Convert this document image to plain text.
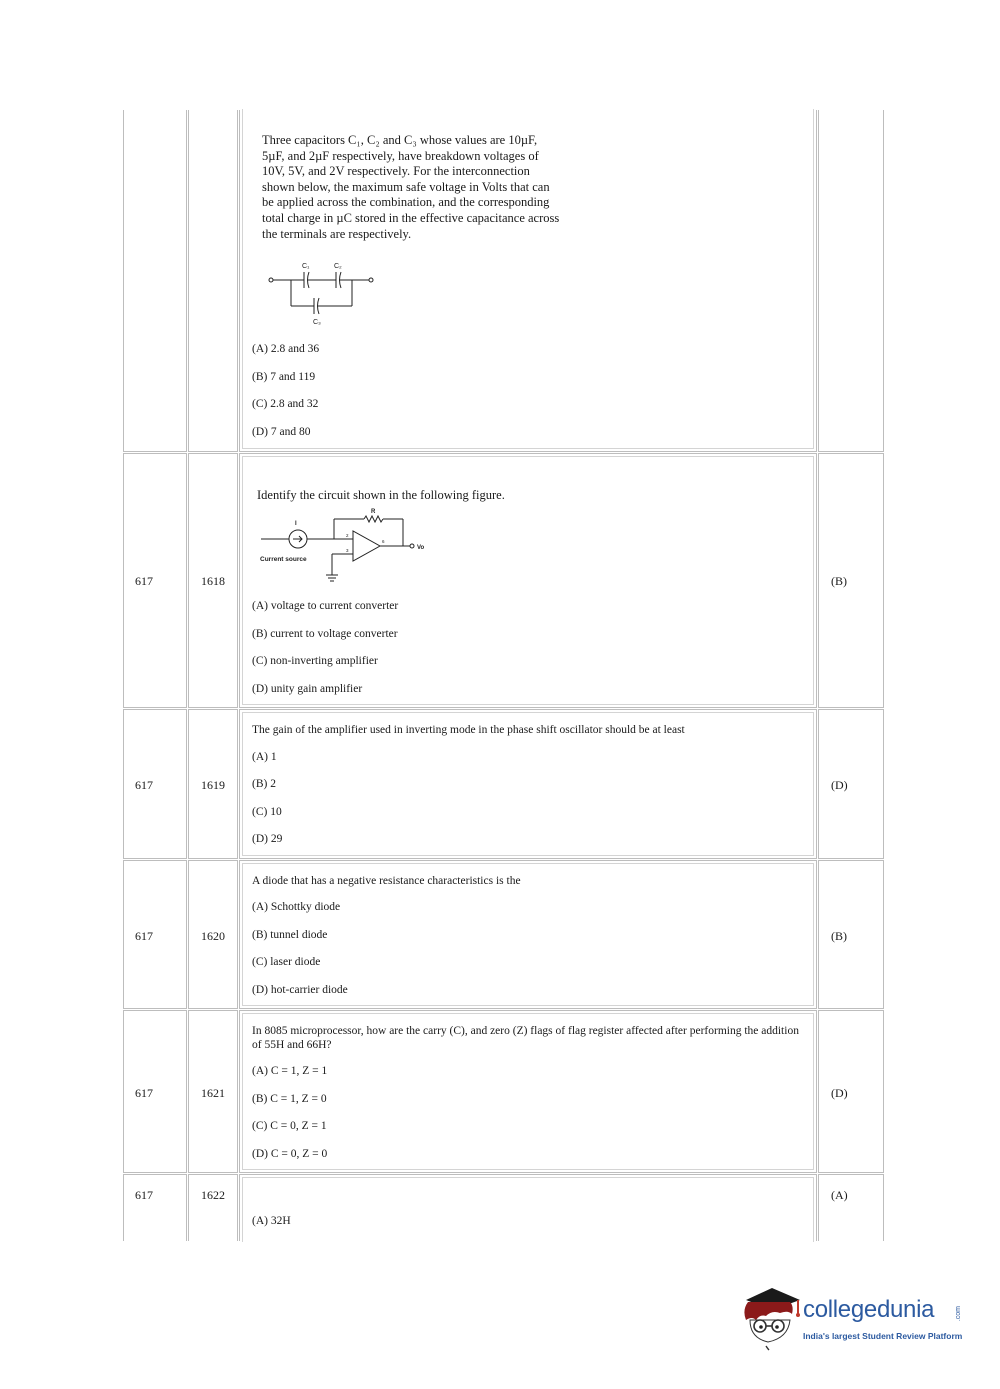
Three capacitors C₁, C₂ and C₃ whose values are 10µF, 5µF, and 2µF respectively, have breakdown voltages of 10V, 5V, and 2V respectively. For the interconnection shown below, the maximum safe voltage in Volts that can be applied across the combination, and the corresponding total charge in µC stored in the effective capacitance across the terminals are respectively.
C₁	C₂
C₃
(A) 2.8 and 36
(B) 7 and 119
(C) 2.8 and 32
(D) 7 and 80
617	1618
Identify the circuit shown in the following figure.
R
I
Vo
Current source
2
3
6
(A) voltage to current converter
(B) current to voltage converter
(C) non-inverting amplifier
(D) unity gain amplifier
(B)
617	1619
The gain of the amplifier used in inverting mode in the phase shift oscillator should be at least
(A) 1
(B) 2
(C) 10
(D) 29
(D)
617	1620
A diode that has a negative resistance characteristics is the
(A) Schottky diode
(B) tunnel diode
(C) laser diode
(D) hot-carrier diode
(B)
617	1621
In 8085 microprocessor, how are the carry (C), and zero (Z) flags of flag register affected after performing the addition of 55H and 66H?
(A) C = 1, Z = 1
(B) C = 1, Z = 0
(C) C = 0, Z = 1
(D) C = 0, Z = 0
(D)
617	1622
(A) 32H
(A)
collegedunia	.com
India's largest Student Review Platform
